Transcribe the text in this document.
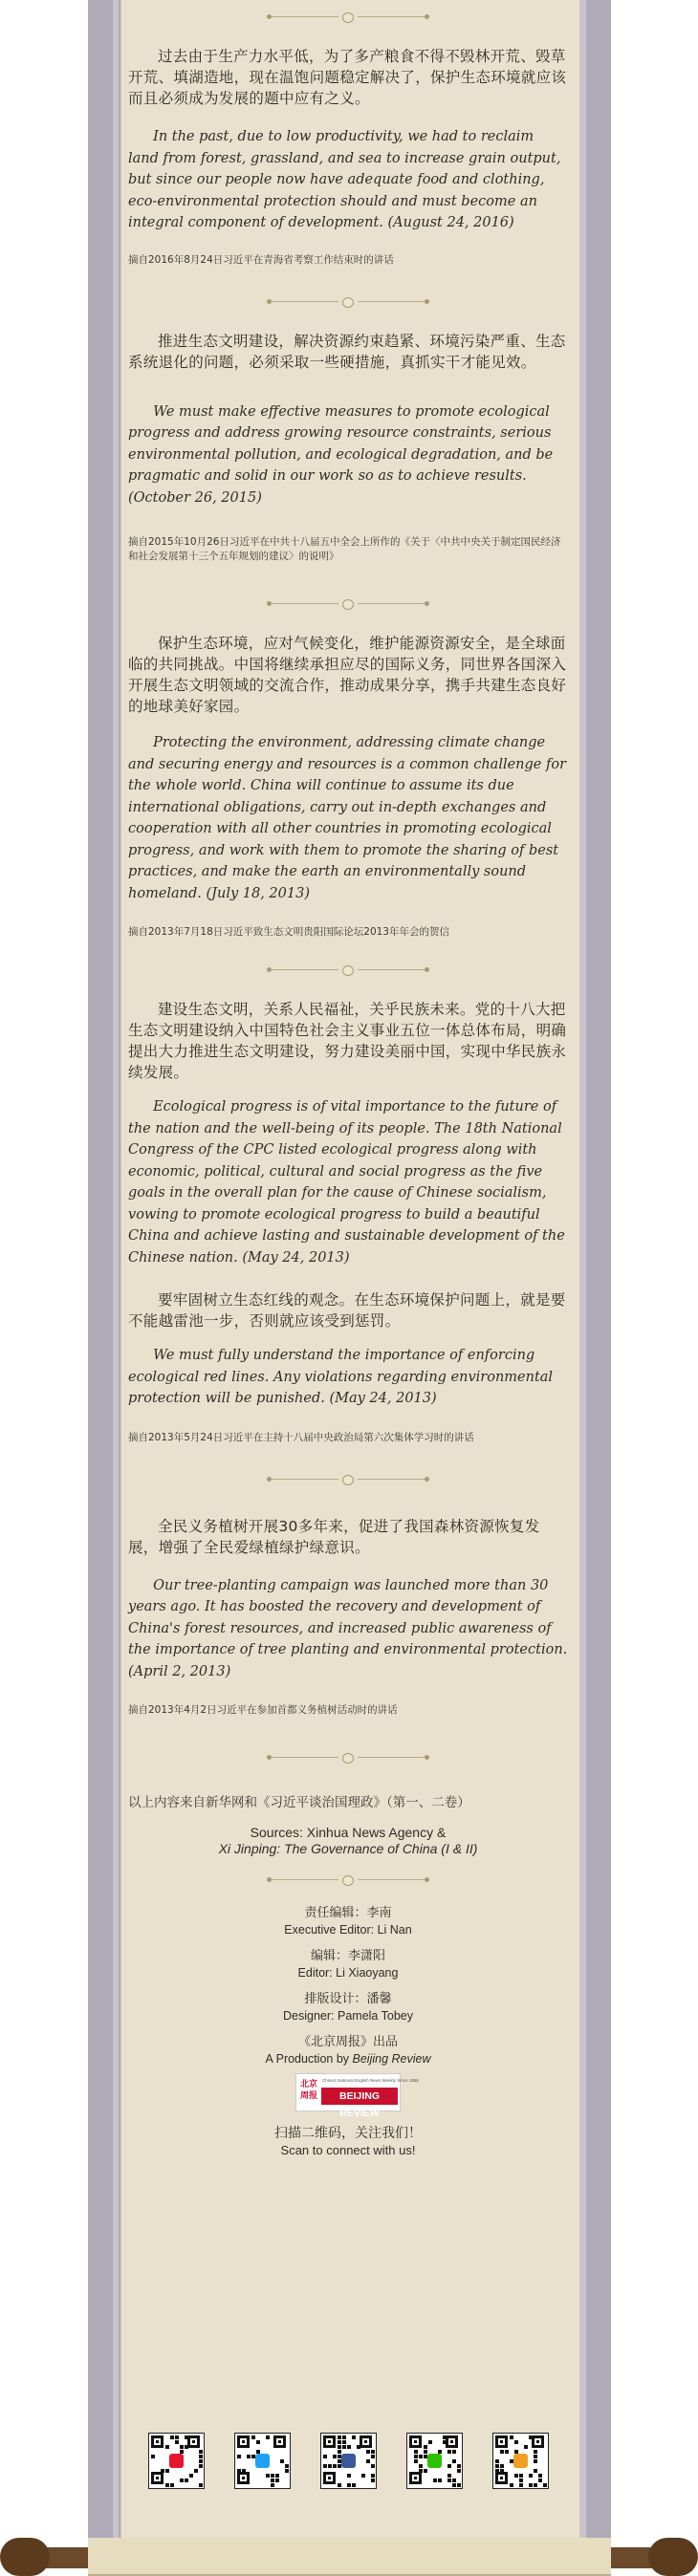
过去由于生产力水平低，为了多产粮食不得不毁林开荒、毁草开荒、填湖造地，现在温饱问题稳定解决了，保护生态环境就应该而且必须成为发展的题中应有之义。

In the past, due to low productivity, we had to reclaim land from forest, grassland, and sea to increase grain output, but since our people now have adequate food and clothing, eco-environmental protection should and must become an integral component of development. (August 24, 2016)

摘自2016年8月24日习近平在青海省考察工作结束时的讲话

推进生态文明建设，解决资源约束趋紧、环境污染严重、生态系统退化的问题，必须采取一些硬措施，真抓实干才能见效。

We must make effective measures to promote ecological progress and address growing resource constraints, serious environmental pollution, and ecological degradation, and be pragmatic and solid in our work so as to achieve results. (October 26, 2015)

摘自2015年10月26日习近平在中共十八届五中全会上所作的《关于〈中共中央关于制定国民经济和社会发展第十三个五年规划的建议〉的说明》

保护生态环境，应对气候变化，维护能源资源安全，是全球面临的共同挑战。中国将继续承担应尽的国际义务，同世界各国深入开展生态文明领域的交流合作，推动成果分享，携手共建生态良好的地球美好家园。

Protecting the environment, addressing climate change and securing energy and resources is a common challenge for the whole world. China will continue to assume its due international obligations, carry out in-depth exchanges and cooperation with all other countries in promoting ecological progress, and work with them to promote the sharing of best practices, and make the earth an environmentally sound homeland. (July 18, 2013)

摘自2013年7月18日习近平致生态文明贵阳国际论坛2013年年会的贺信

建设生态文明，关系人民福祉，关乎民族未来。党的十八大把生态文明建设纳入中国特色社会主义事业五位一体总体布局，明确提出大力推进生态文明建设，努力建设美丽中国，实现中华民族永续发展。

Ecological progress is of vital importance to the future of the nation and the well-being of its people. The 18th National Congress of the CPC listed ecological progress along with economic, political, cultural and social progress as the five goals in the overall plan for the cause of Chinese socialism, vowing to promote ecological progress to build a beautiful China and achieve lasting and sustainable development of the Chinese nation. (May 24, 2013)

要牢固树立生态红线的观念。在生态环境保护问题上，就是要不能越雷池一步，否则就应该受到惩罚。

We must fully understand the importance of enforcing ecological red lines. Any violations regarding environmental protection will be punished. (May 24, 2013)

摘自2013年5月24日习近平在主持十八届中央政治局第六次集体学习时的讲话

全民义务植树开展30多年来，促进了我国森林资源恢复发展，增强了全民爱绿植绿护绿意识。

Our tree-planting campaign was launched more than 30 years ago. It has boosted the recovery and development of China's forest resources, and increased public awareness of the importance of tree planting and environmental protection. (April 2, 2013)

摘自2013年4月2日习近平在参加首都义务植树活动时的讲话

以上内容来自新华网和《习近平谈治国理政》（第一、二卷）

Sources: Xinhua News Agency &
Xi Jinping: The Governance of China (I & II)
责任编辑：李南
Executive Editor: Li Nan
编辑：李潇阳
Editor: Li Xiaoyang
排版设计：潘馨
Designer: Pamela Tobey
《北京周报》出品
A Production by Beijing Review
北京周报
China's National English News Weekly Since 1958
BEIJING REVIEW
扫描二维码，关注我们！
Scan to connect with us!
